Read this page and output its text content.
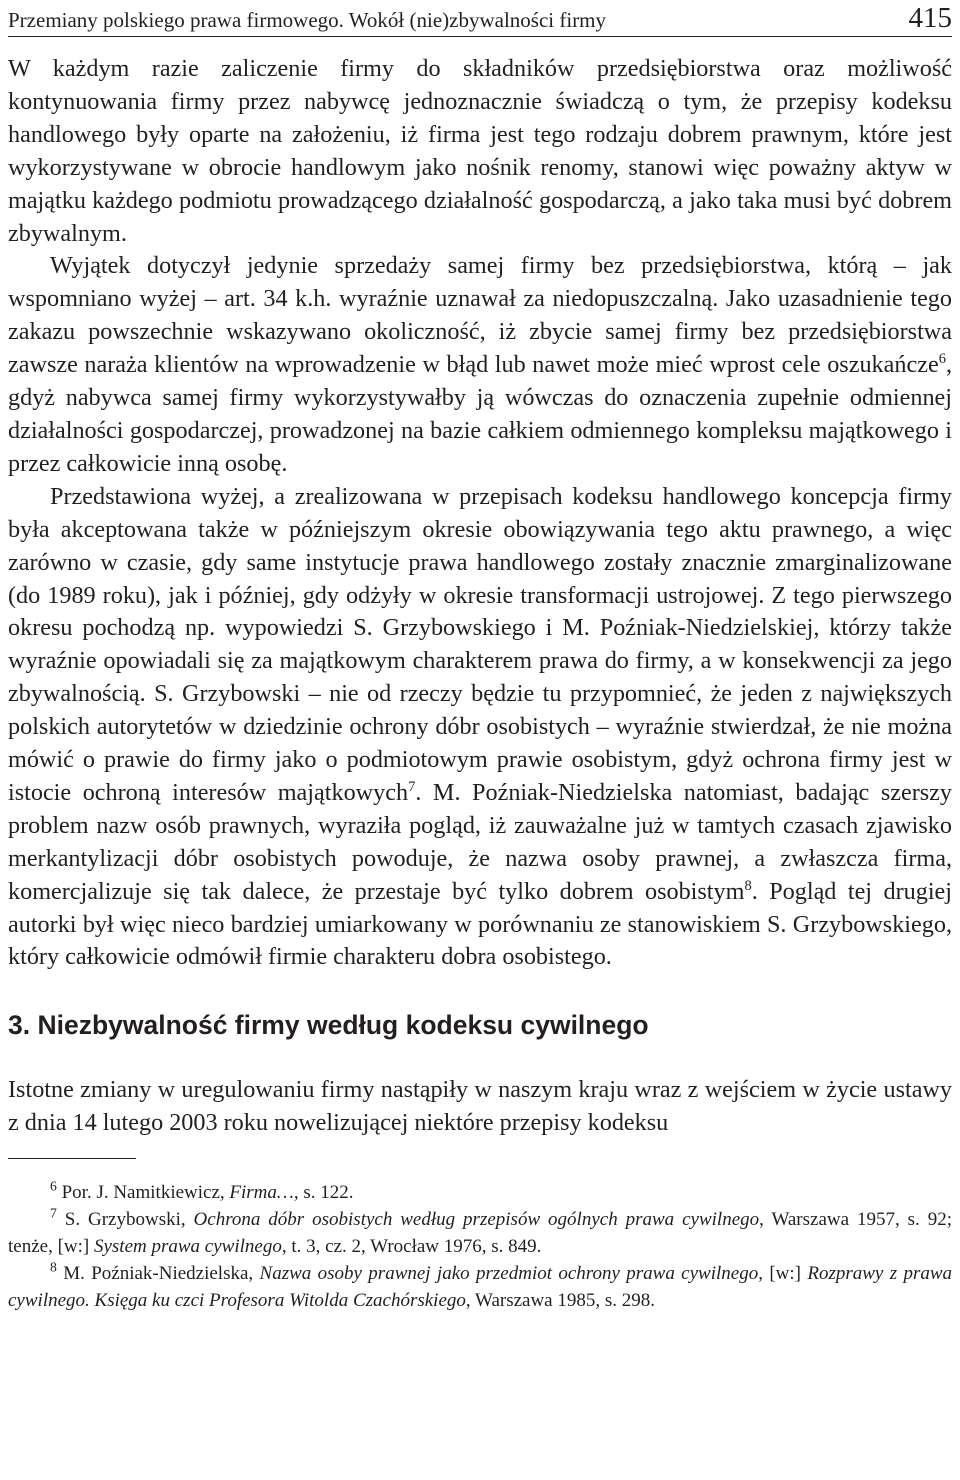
Przemiany polskiego prawa firmowego. Wokół (nie)zbywalności firmy	415

W każdym razie zaliczenie firmy do składników przedsiębiorstwa oraz możliwość kontynuowania firmy przez nabywcę jednoznacznie świadczą o tym, że przepisy kodeksu handlowego były oparte na założeniu, iż firma jest tego rodzaju dobrem prawnym, które jest wykorzystywane w obrocie handlowym jako nośnik renomy, stanowi więc poważny aktyw w majątku każdego podmiotu prowadzącego działalność gospodarczą, a jako taka musi być dobrem zbywalnym.

Wyjątek dotyczył jedynie sprzedaży samej firmy bez przedsiębiorstwa, którą – jak wspomniano wyżej – art. 34 k.h. wyraźnie uznawał za niedopuszczalną. Jako uzasadnienie tego zakazu powszechnie wskazywano okoliczność, iż zbycie samej firmy bez przedsiębiorstwa zawsze naraża klientów na wprowadzenie w błąd lub nawet może mieć wprost cele oszukańcze$^6$, gdyż nabywca samej firmy wykorzystywałby ją wówczas do oznaczenia zupełnie odmiennej działalności gospodarczej, prowadzonej na bazie całkiem odmiennego kompleksu majątkowego i przez całkowicie inną osobę.

Przedstawiona wyżej, a zrealizowana w przepisach kodeksu handlowego koncepcja firmy była akceptowana także w późniejszym okresie obowiązywania tego aktu prawnego, a więc zarówno w czasie, gdy same instytucje prawa handlowego zostały znacznie zmarginalizowane (do 1989 roku), jak i później, gdy odżyły w okresie transformacji ustrojowej. Z tego pierwszego okresu pochodzą np. wypowiedzi S. Grzybowskiego i M. Poźniak-Niedzielskiej, którzy także wyraźnie opowiadali się za majątkowym charakterem prawa do firmy, a w konsekwencji za jego zbywalnością. S. Grzybowski – nie od rzeczy będzie tu przypomnieć, że jeden z największych polskich autorytetów w dziedzinie ochrony dóbr osobistych – wyraźnie stwierdzał, że nie można mówić o prawie do firmy jako o podmiotowym prawie osobistym, gdyż ochrona firmy jest w istocie ochroną interesów majątkowych$^7$. M. Poźniak-Niedzielska natomiast, badając szerszy problem nazw osób prawnych, wyraziła pogląd, iż zauważalne już w tamtych czasach zjawisko merkantylizacji dóbr osobistych powoduje, że nazwa osoby prawnej, a zwłaszcza firma, komercjalizuje się tak dalece, że przestaje być tylko dobrem osobistym$^8$. Pogląd tej drugiej autorki był więc nieco bardziej umiarkowany w porównaniu ze stanowiskiem S. Grzybowskiego, który całkowicie odmówił firmie charakteru dobra osobistego.

3. Niezbywalność firmy według kodeksu cywilnego

Istotne zmiany w uregulowaniu firmy nastąpiły w naszym kraju wraz z wejściem w życie ustawy z dnia 14 lutego 2003 roku nowelizującej niektóre przepisy kodeksu

$^6$ Por. J. Namitkiewicz, Firma…, s. 122.

$^7$ S. Grzybowski, Ochrona dóbr osobistych według przepisów ogólnych prawa cywilnego, Warszawa 1957, s. 92; tenże, [w:] System prawa cywilnego, t. 3, cz. 2, Wrocław 1976, s. 849.

$^8$ M. Poźniak-Niedzielska, Nazwa osoby prawnej jako przedmiot ochrony prawa cywilnego, [w:] Rozprawy z prawa cywilnego. Księga ku czci Profesora Witolda Czachórskiego, Warszawa 1985, s. 298.
